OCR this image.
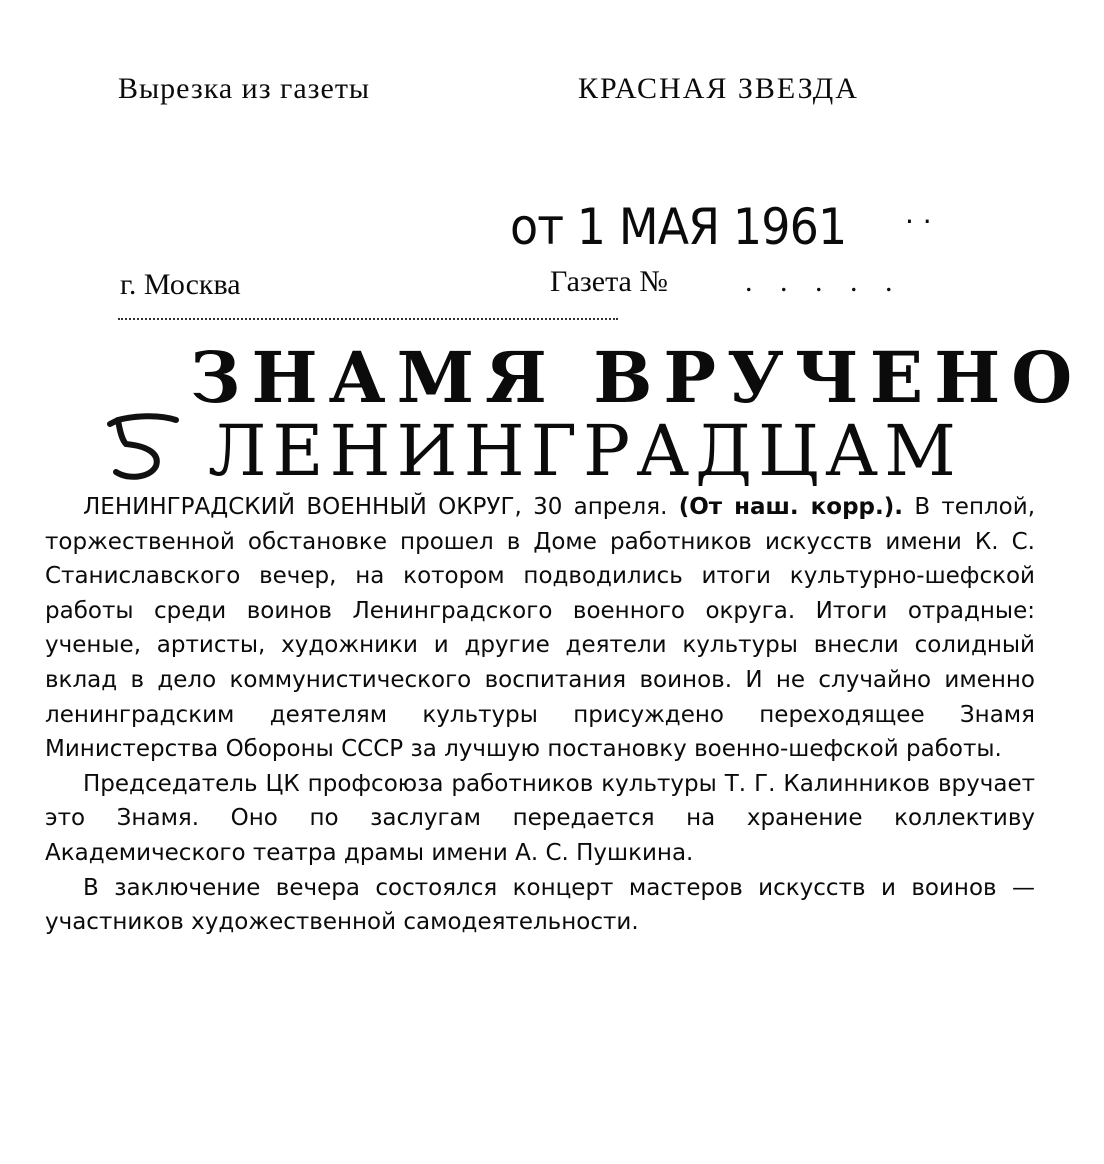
Вырезка из газеты	КРАСНАЯ ЗВЕЗДА
от 1 МАЯ 1961 · ·
г. Москва	Газета №	. . . . .
ЗНАМЯ ВРУЧЕНО
ЛЕНИНГРАДЦАМ

ЛЕНИНГРАДСКИЙ ВОЕННЫЙ ОКРУГ, 30 апреля. (От наш. корр.). В теплой, торжественной обстановке прошел в Доме работников искусств имени К. С. Станиславского вечер, на котором подводились итоги культурно-шефской работы среди воинов Ленинградского военного округа. Итоги отрадные: ученые, артисты, художники и другие деятели культуры внесли солидный вклад в дело коммунистического воспитания воинов. И не случайно именно ленинградским деятелям культуры присуждено переходящее Знамя Министерства Обороны СССР за лучшую постановку военно-шефской работы.

Председатель ЦК профсоюза работников культуры Т. Г. Калинников вручает это Знамя. Оно по заслугам передается на хранение коллективу Академического театра драмы имени А. С. Пушкина.

В заключение вечера состоялся концерт мастеров искусств и воинов — участников художественной самодеятельности.
